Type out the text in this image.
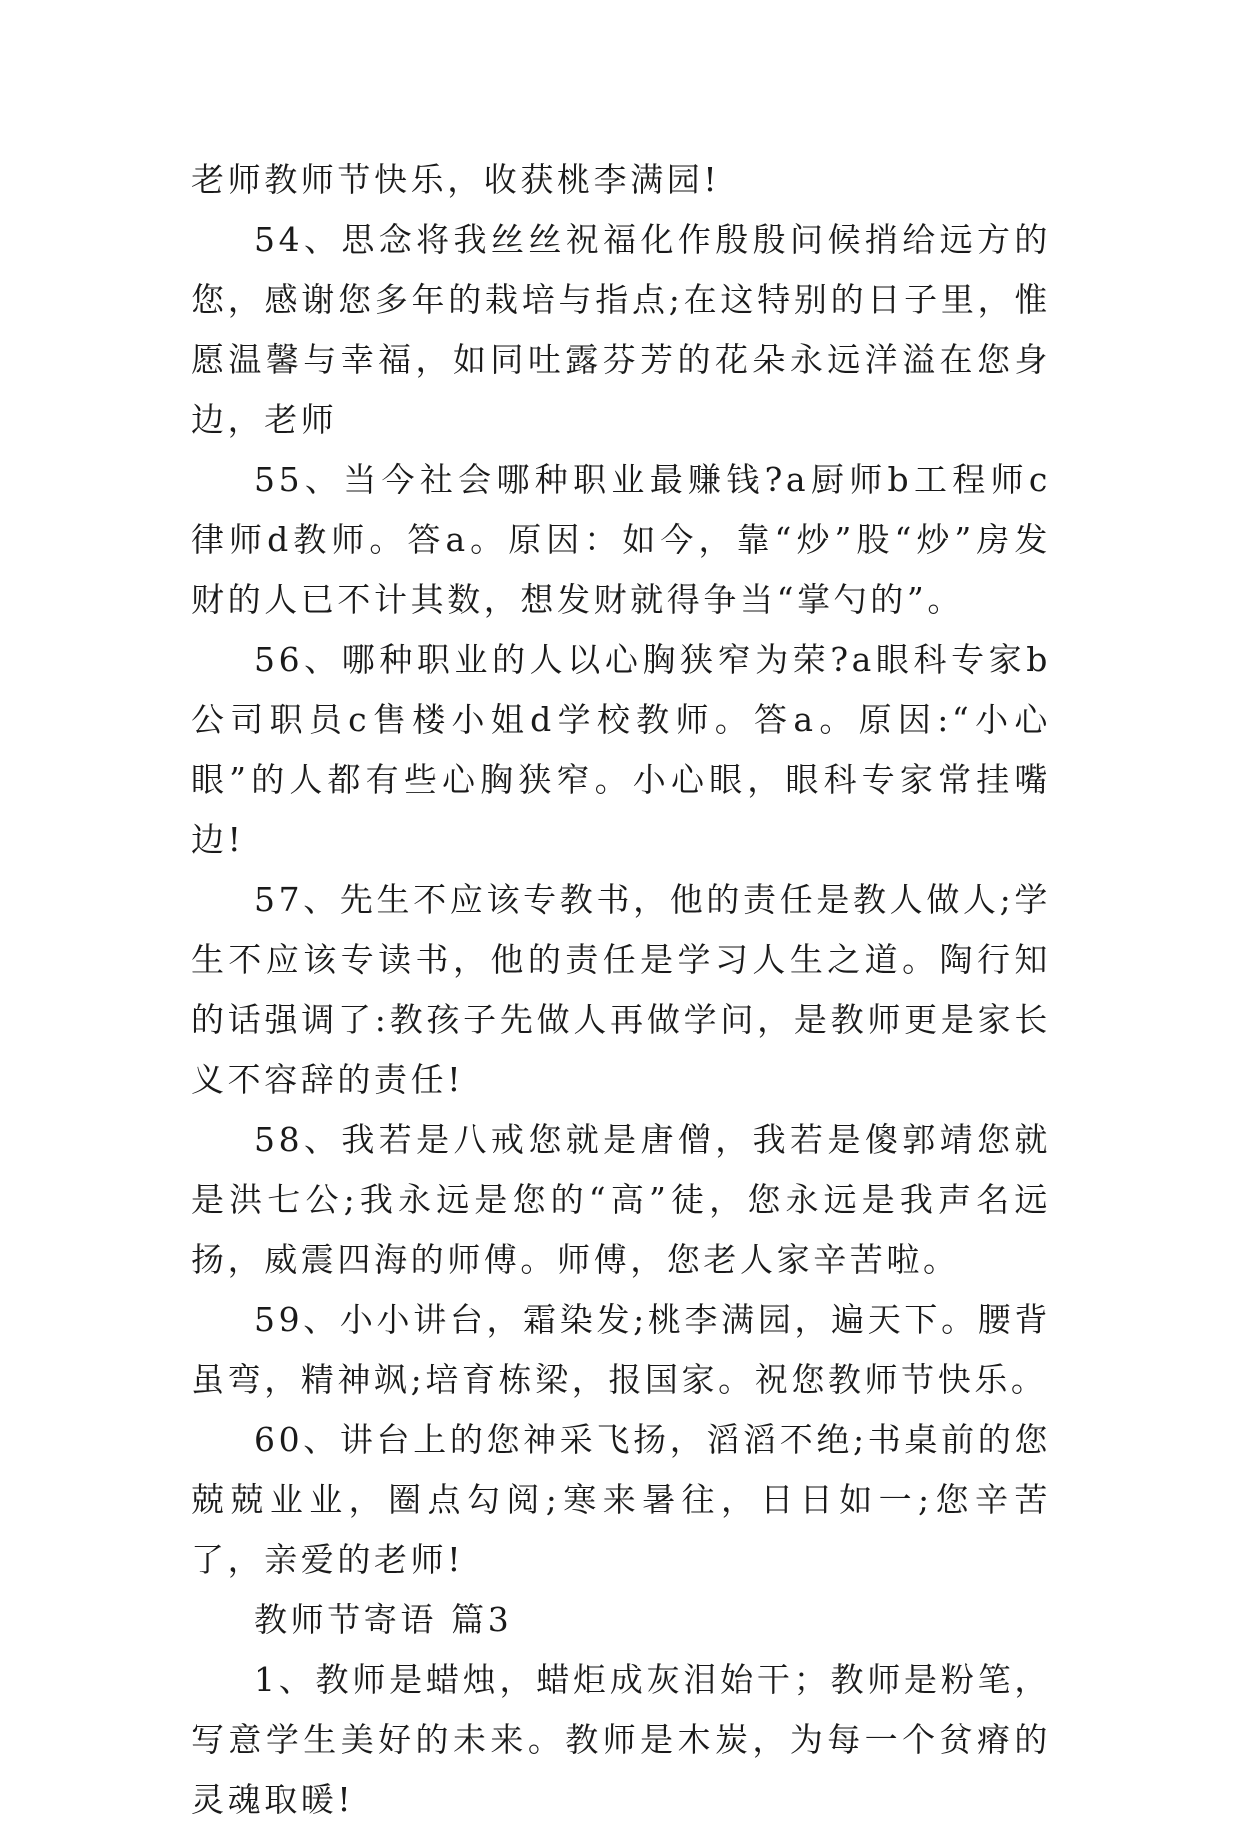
老师教师节快乐，收获桃李满园!

54、思念将我丝丝祝福化作殷殷问候捎给远方的您，感谢您多年的栽培与指点;在这特别的日子里，惟愿温馨与幸福，如同吐露芬芳的花朵永远洋溢在您身边，老师

55、当今社会哪种职业最赚钱?a厨师b工程师c律师d教师。答a。原因：如今，靠“炒”股“炒”房发财的人已不计其数，想发财就得争当“掌勺的”。

56、哪种职业的人以心胸狭窄为荣?a眼科专家b公司职员c售楼小姐d学校教师。答a。原因:“小心眼”的人都有些心胸狭窄。小心眼，眼科专家常挂嘴边!

57、先生不应该专教书，他的责任是教人做人;学生不应该专读书，他的责任是学习人生之道。陶行知的话强调了:教孩子先做人再做学问，是教师更是家长义不容辞的责任!

58、我若是八戒您就是唐僧，我若是傻郭靖您就是洪七公;我永远是您的“高”徒，您永远是我声名远扬，威震四海的师傅。师傅，您老人家辛苦啦。

59、小小讲台，霜染发;桃李满园，遍天下。腰背虽弯，精神飒;培育栋梁，报国家。祝您教师节快乐。

60、讲台上的您神采飞扬，滔滔不绝;书桌前的您兢兢业业，圈点勾阅;寒来暑往，日日如一;您辛苦了，亲爱的老师!

教师节寄语 篇3

1、教师是蜡烛，蜡炬成灰泪始干；教师是粉笔，写意学生美好的未来。教师是木炭，为每一个贫瘠的灵魂取暖!
